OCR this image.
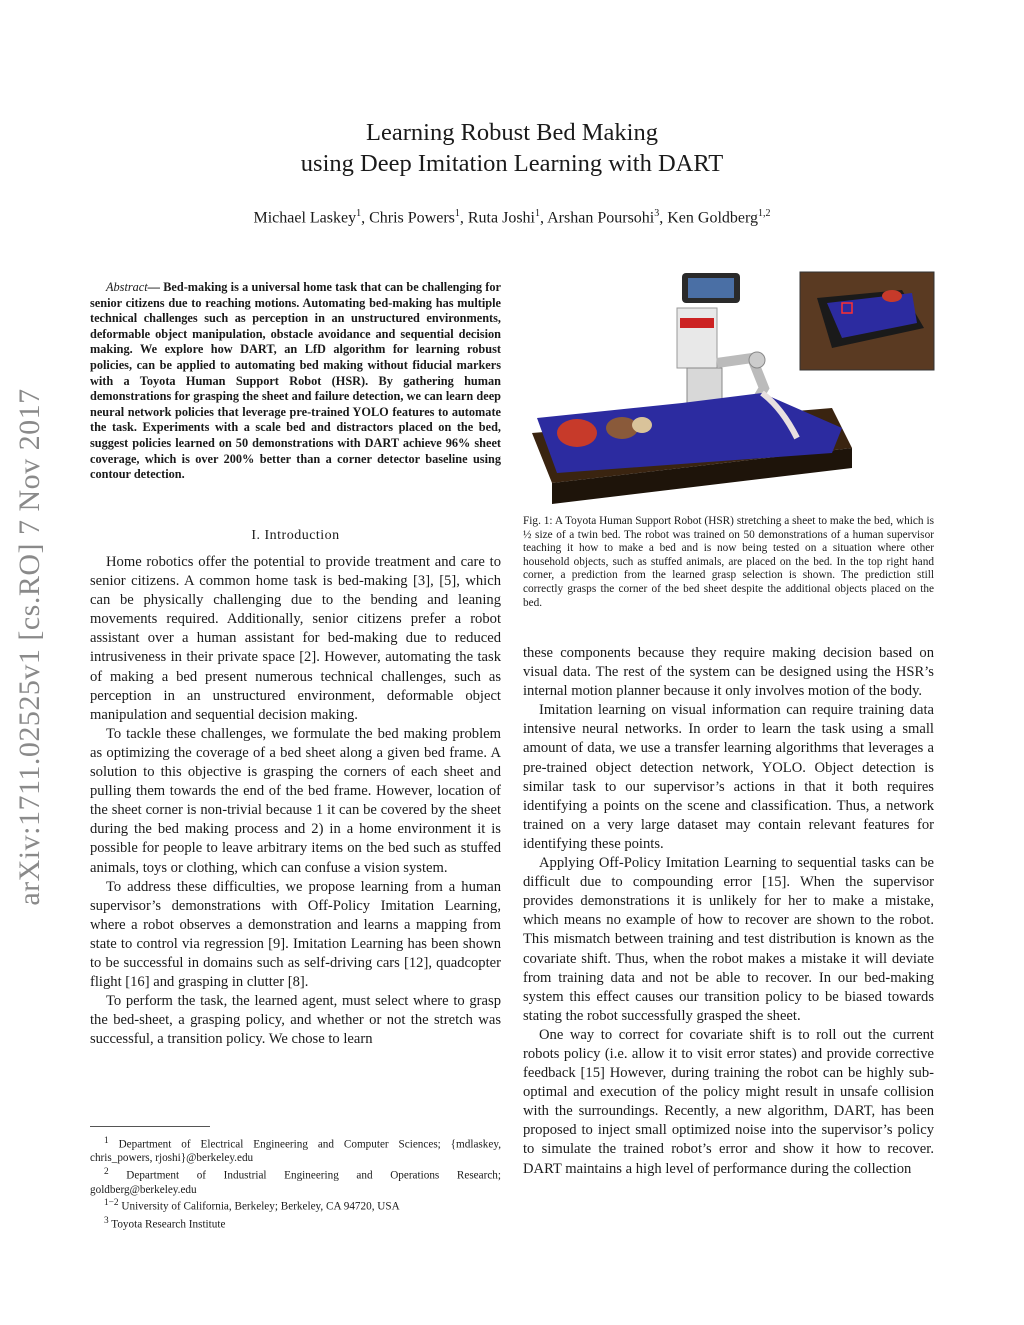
Learning Robust Bed Making
using Deep Imitation Learning with DART
Michael Laskey$^1$, Chris Powers$^1$, Ruta Joshi$^1$, Arshan Poursohi$^3$, Ken Goldberg$^{1,2}$
arXiv:1711.02525v1 [cs.RO] 7 Nov 2017
Abstract— Bed-making is a universal home task that can be challenging for senior citizens due to reaching motions. Automating bed-making has multiple technical challenges such as perception in an unstructured environments, deformable object manipulation, obstacle avoidance and sequential decision making. We explore how DART, an LfD algorithm for learning robust policies, can be applied to automating bed making without fiducial markers with a Toyota Human Support Robot (HSR). By gathering human demonstrations for grasping the sheet and failure detection, we can learn deep neural network policies that leverage pre-trained YOLO features to automate the task. Experiments with a scale bed and distractors placed on the bed, suggest policies learned on 50 demonstrations with DART achieve 96% sheet coverage, which is over 200% better than a corner detector baseline using contour detection.
I. Introduction

Home robotics offer the potential to provide treatment and care to senior citizens. A common home task is bed-making [3], [5], which can be physically challenging due to the bending and leaning movements required. Additionally, senior citizens prefer a robot assistant over a human assistant for bed-making due to reduced intrusiveness in their private space [2]. However, automating the task of making a bed present numerous technical challenges, such as perception in an unstructured environment, deformable object manipulation and sequential decision making.

To tackle these challenges, we formulate the bed making problem as optimizing the coverage of a bed sheet along a given bed frame. A solution to this objective is grasping the corners of each sheet and pulling them towards the end of the bed frame. However, location of the sheet corner is non-trivial because 1 it can be covered by the sheet during the bed making process and 2) in a home environment it is possible for people to leave arbitrary items on the bed such as stuffed animals, toys or clothing, which can confuse a vision system.

To address these difficulties, we propose learning from a human supervisor’s demonstrations with Off-Policy Imitation Learning, where a robot observes a demonstration and learns a mapping from state to control via regression [9]. Imitation Learning has been shown to be successful in domains such as self-driving cars [12], quadcopter flight [16] and grasping in clutter [8].

To perform the task, the learned agent, must select where to grasp the bed-sheet, a grasping policy, and whether or not the stretch was successful, a transition policy. We chose to learn

$^1$ Department of Electrical Engineering and Computer Sciences; {mdlaskey, chris_powers, rjoshi}@berkeley.edu
$^2$ Department of Industrial Engineering and Operations Research; goldberg@berkeley.edu
$^{1-2}$ University of California, Berkeley; Berkeley, CA 94720, USA
$^3$ Toyota Research Institute
Fig. 1: A Toyota Human Support Robot (HSR) stretching a sheet to make the bed, which is ½ size of a twin bed. The robot was trained on 50 demonstrations of a human supervisor teaching it how to make a bed and is now being tested on a situation where other household objects, such as stuffed animals, are placed on the bed. In the top right hand corner, a prediction from the learned grasp selection is shown. The prediction still correctly grasps the corner of the bed sheet despite the additional objects placed on the bed.

these components because they require making decision based on visual data. The rest of the system can be designed using the HSR’s internal motion planner because it only involves motion of the body.

Imitation learning on visual information can require training data intensive neural networks. In order to learn the task using a small amount of data, we use a transfer learning algorithms that leverages a pre-trained object detection network, YOLO. Object detection is similar task to our supervisor’s actions in that it both requires identifying a points on the scene and classification. Thus, a network trained on a very large dataset may contain relevant features for identifying these points.

Applying Off-Policy Imitation Learning to sequential tasks can be difficult due to compounding error [15]. When the supervisor provides demonstrations it is unlikely for her to make a mistake, which means no example of how to recover are shown to the robot. This mismatch between training and test distribution is known as the covariate shift. Thus, when the robot makes a mistake it will deviate from training data and not be able to recover. In our bed-making system this effect causes our transition policy to be biased towards stating the robot successfully grasped the sheet.

One way to correct for covariate shift is to roll out the current robots policy (i.e. allow it to visit error states) and provide corrective feedback [15] However, during training the robot can be highly sub-optimal and execution of the policy might result in unsafe collision with the surroundings. Recently, a new algorithm, DART, has been proposed to inject small optimized noise into the supervisor’s policy to simulate the trained robot’s error and show it how to recover. DART maintains a high level of performance during the collection
